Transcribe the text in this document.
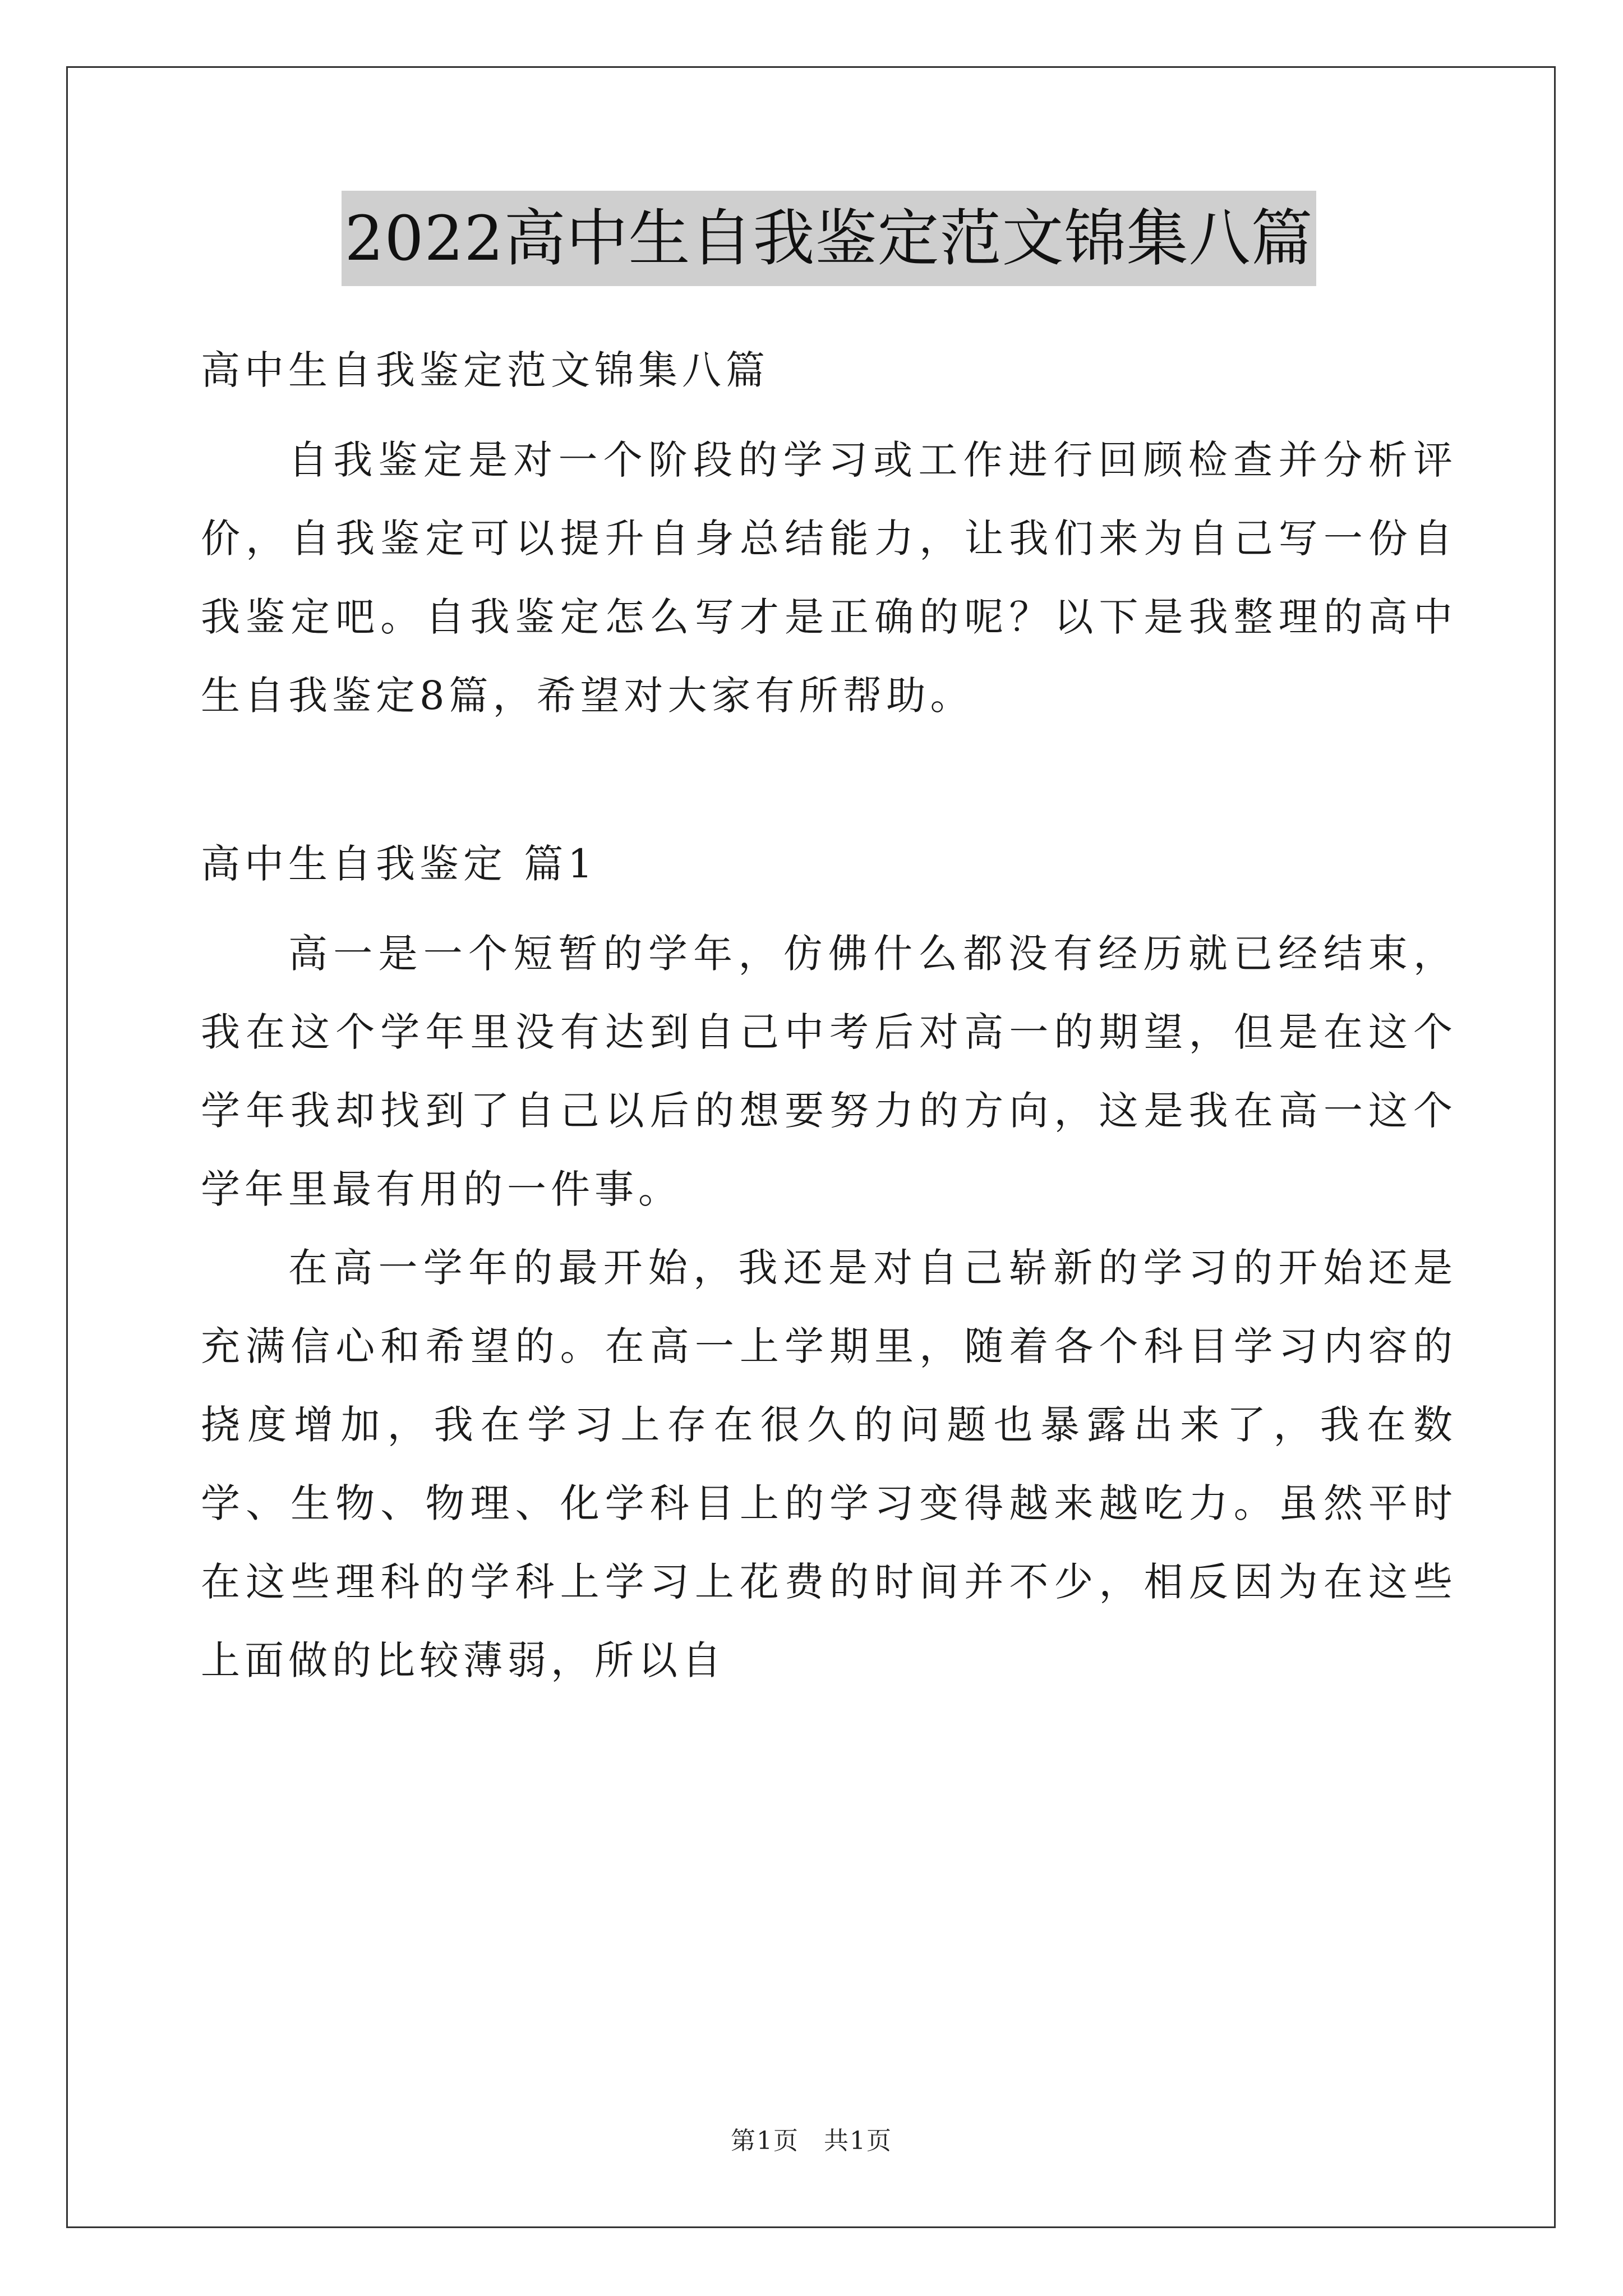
2022高中生自我鉴定范文锦集八篇
高中生自我鉴定范文锦集八篇

自我鉴定是对一个阶段的学习或工作进行回顾检查并分析评价，自我鉴定可以提升自身总结能力，让我们来为自己写一份自我鉴定吧。自我鉴定怎么写才是正确的呢？以下是我整理的高中生自我鉴定8篇，希望对大家有所帮助。

高中生自我鉴定 篇1

高一是一个短暂的学年，仿佛什么都没有经历就已经结束，我在这个学年里没有达到自己中考后对高一的期望，但是在这个学年我却找到了自己以后的想要努力的方向，这是我在高一这个学年里最有用的一件事。

在高一学年的最开始，我还是对自己崭新的学习的开始还是充满信心和希望的。在高一上学期里，随着各个科目学习内容的挠度增加，我在学习上存在很久的问题也暴露出来了，我在数学、生物、物理、化学科目上的学习变得越来越吃力。虽然平时在这些理科的学科上学习上花费的时间并不少，相反因为在这些上面做的比较薄弱，所以自

第1页 共1页
